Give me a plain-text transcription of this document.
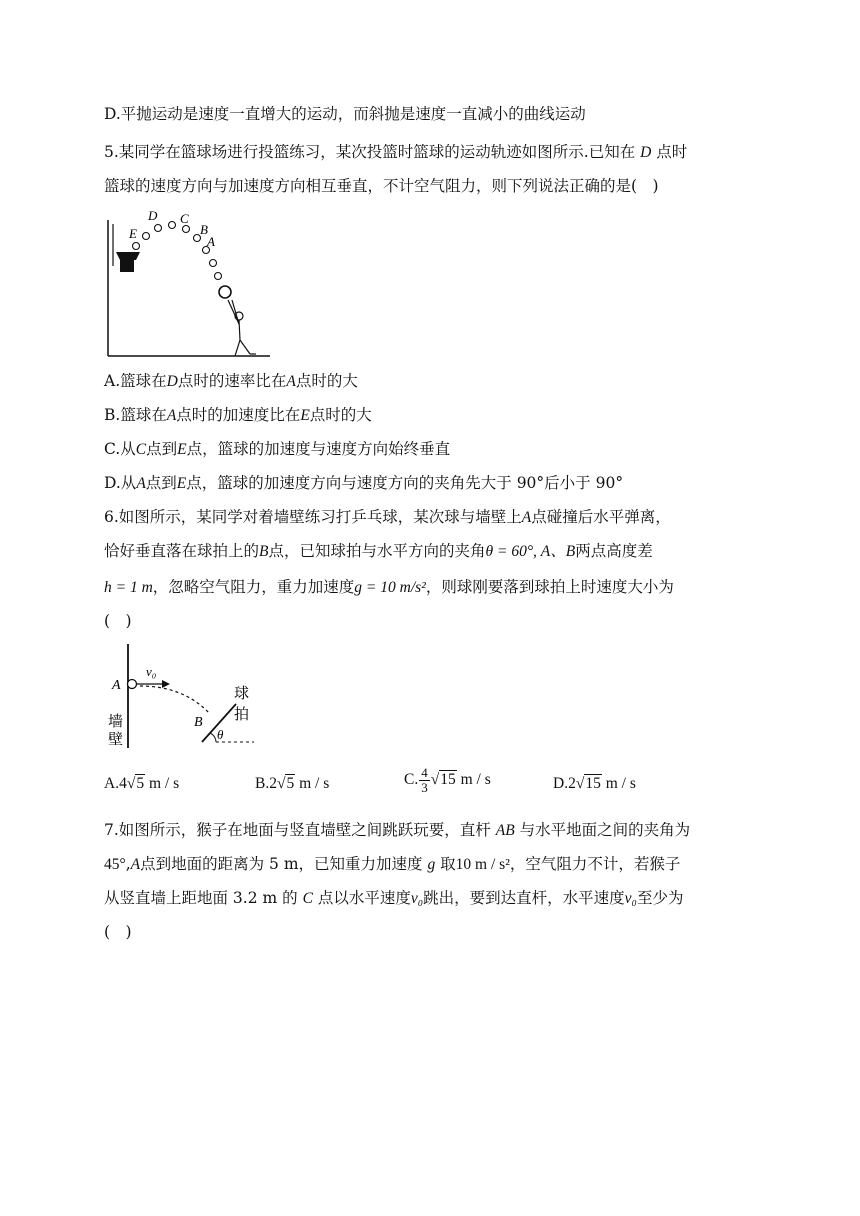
D.平抛运动是速度一直增大的运动，而斜抛是速度一直减小的曲线运动
5.某同学在篮球场进行投篮练习，某次投篮时篮球的运动轨迹如图所示.已知在 D 点时
篮球的速度方向与加速度方向相互垂直，不计空气阻力，则下列说法正确的是(　)
D C
E	B
A
A.篮球在D点时的速率比在A点时的大
B.篮球在A点时的加速度比在E点时的大
C.从C点到E点，篮球的加速度与速度方向始终垂直
D.从A点到E点，篮球的加速度方向与速度方向的夹角先大于 90°后小于 90°
6.如图所示，某同学对着墙壁练习打乒乓球，某次球与墙壁上A点碰撞后水平弹离，
恰好垂直落在球拍上的B点，已知球拍与水平方向的夹角θ = 60°, A、B两点高度差
h = 1 m，忽略空气阻力，重力加速度g = 10 m/s²，则球刚要落到球拍上时速度大小为
(　)
A
v₀
B
θ
墙
壁
球
拍
A.4√5 m / s	B.2√5 m / s	C. $\frac{4}{3} √15$ m / s	D.2√15 m / s
7.如图所示，猴子在地面与竖直墙壁之间跳跃玩要，直杆 AB 与水平地面之间的夹角为
45°,A点到地面的距离为 5 m，已知重力加速度 g 取10 m / s²，空气阻力不计，若猴子
从竖直墙上距地面 3.2 m 的 C 点以水平速度v₀跳出，要到达直杆，水平速度v₀至少为
(　)
